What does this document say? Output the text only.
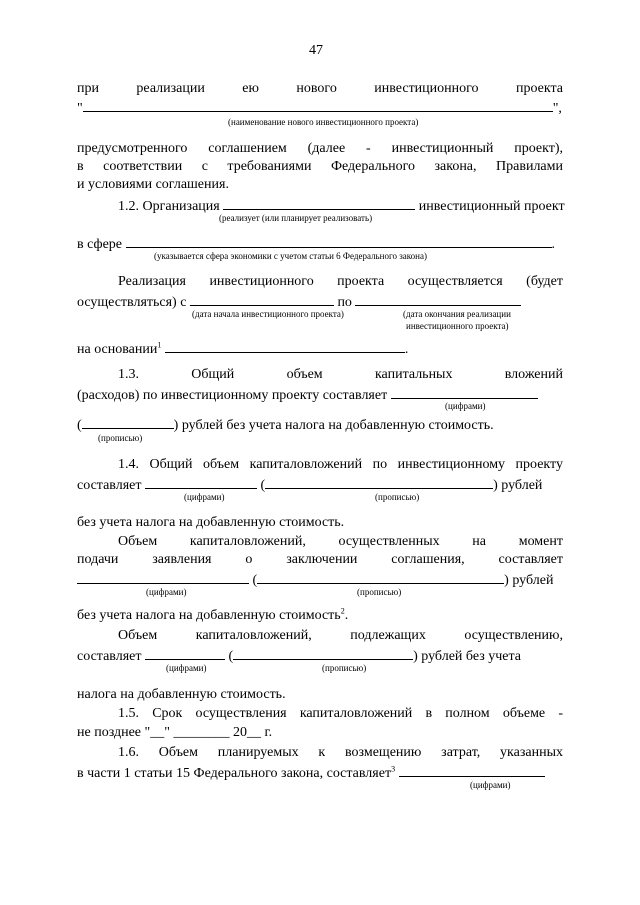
47
при реализации ею нового инвестиционного проекта
"	",
(наименование нового инвестиционного проекта)
предусмотренного соглашением (далее - инвестиционный проект),
в соответствии с требованиями Федерального закона, Правилами
и условиями соглашения.
1.2. Организация	инвестиционный проект
(реализует (или планирует реализовать)
в сфере	.
(указывается сфера экономики с учетом статьи 6 Федерального закона)
Реализация инвестиционного проекта осуществляется (будет
осуществляться) с	по
(дата начала инвестиционного проекта)	(дата окончания реализации
инвестиционного проекта)
на основании$^1$	.
1.3. Общий объем капитальных вложений
(расходов) по инвестиционному проекту составляет
(цифрами)
(	) рублей без учета налога на добавленную стоимость.
(прописью)
1.4. Общий объем капиталовложений по инвестиционному проекту
составляет	(	) рублей
(цифрами)	(прописью)
без учета налога на добавленную стоимость.
Объем капиталовложений, осуществленных на момент
подачи заявления о заключении соглашения, составляет
(	) рублей
(цифрами)	(прописью)
без учета налога на добавленную стоимость$^2$.
Объем капиталовложений, подлежащих осуществлению,
составляет	(	) рублей без учета
(цифрами)	(прописью)
налога на добавленную стоимость.
1.5. Срок осуществления капиталовложений в полном объеме -
не позднее "__" ________ 20__ г.
1.6. Объем планируемых к возмещению затрат, указанных
в части 1 статьи 15 Федерального закона, составляет$^3$
(цифрами)
